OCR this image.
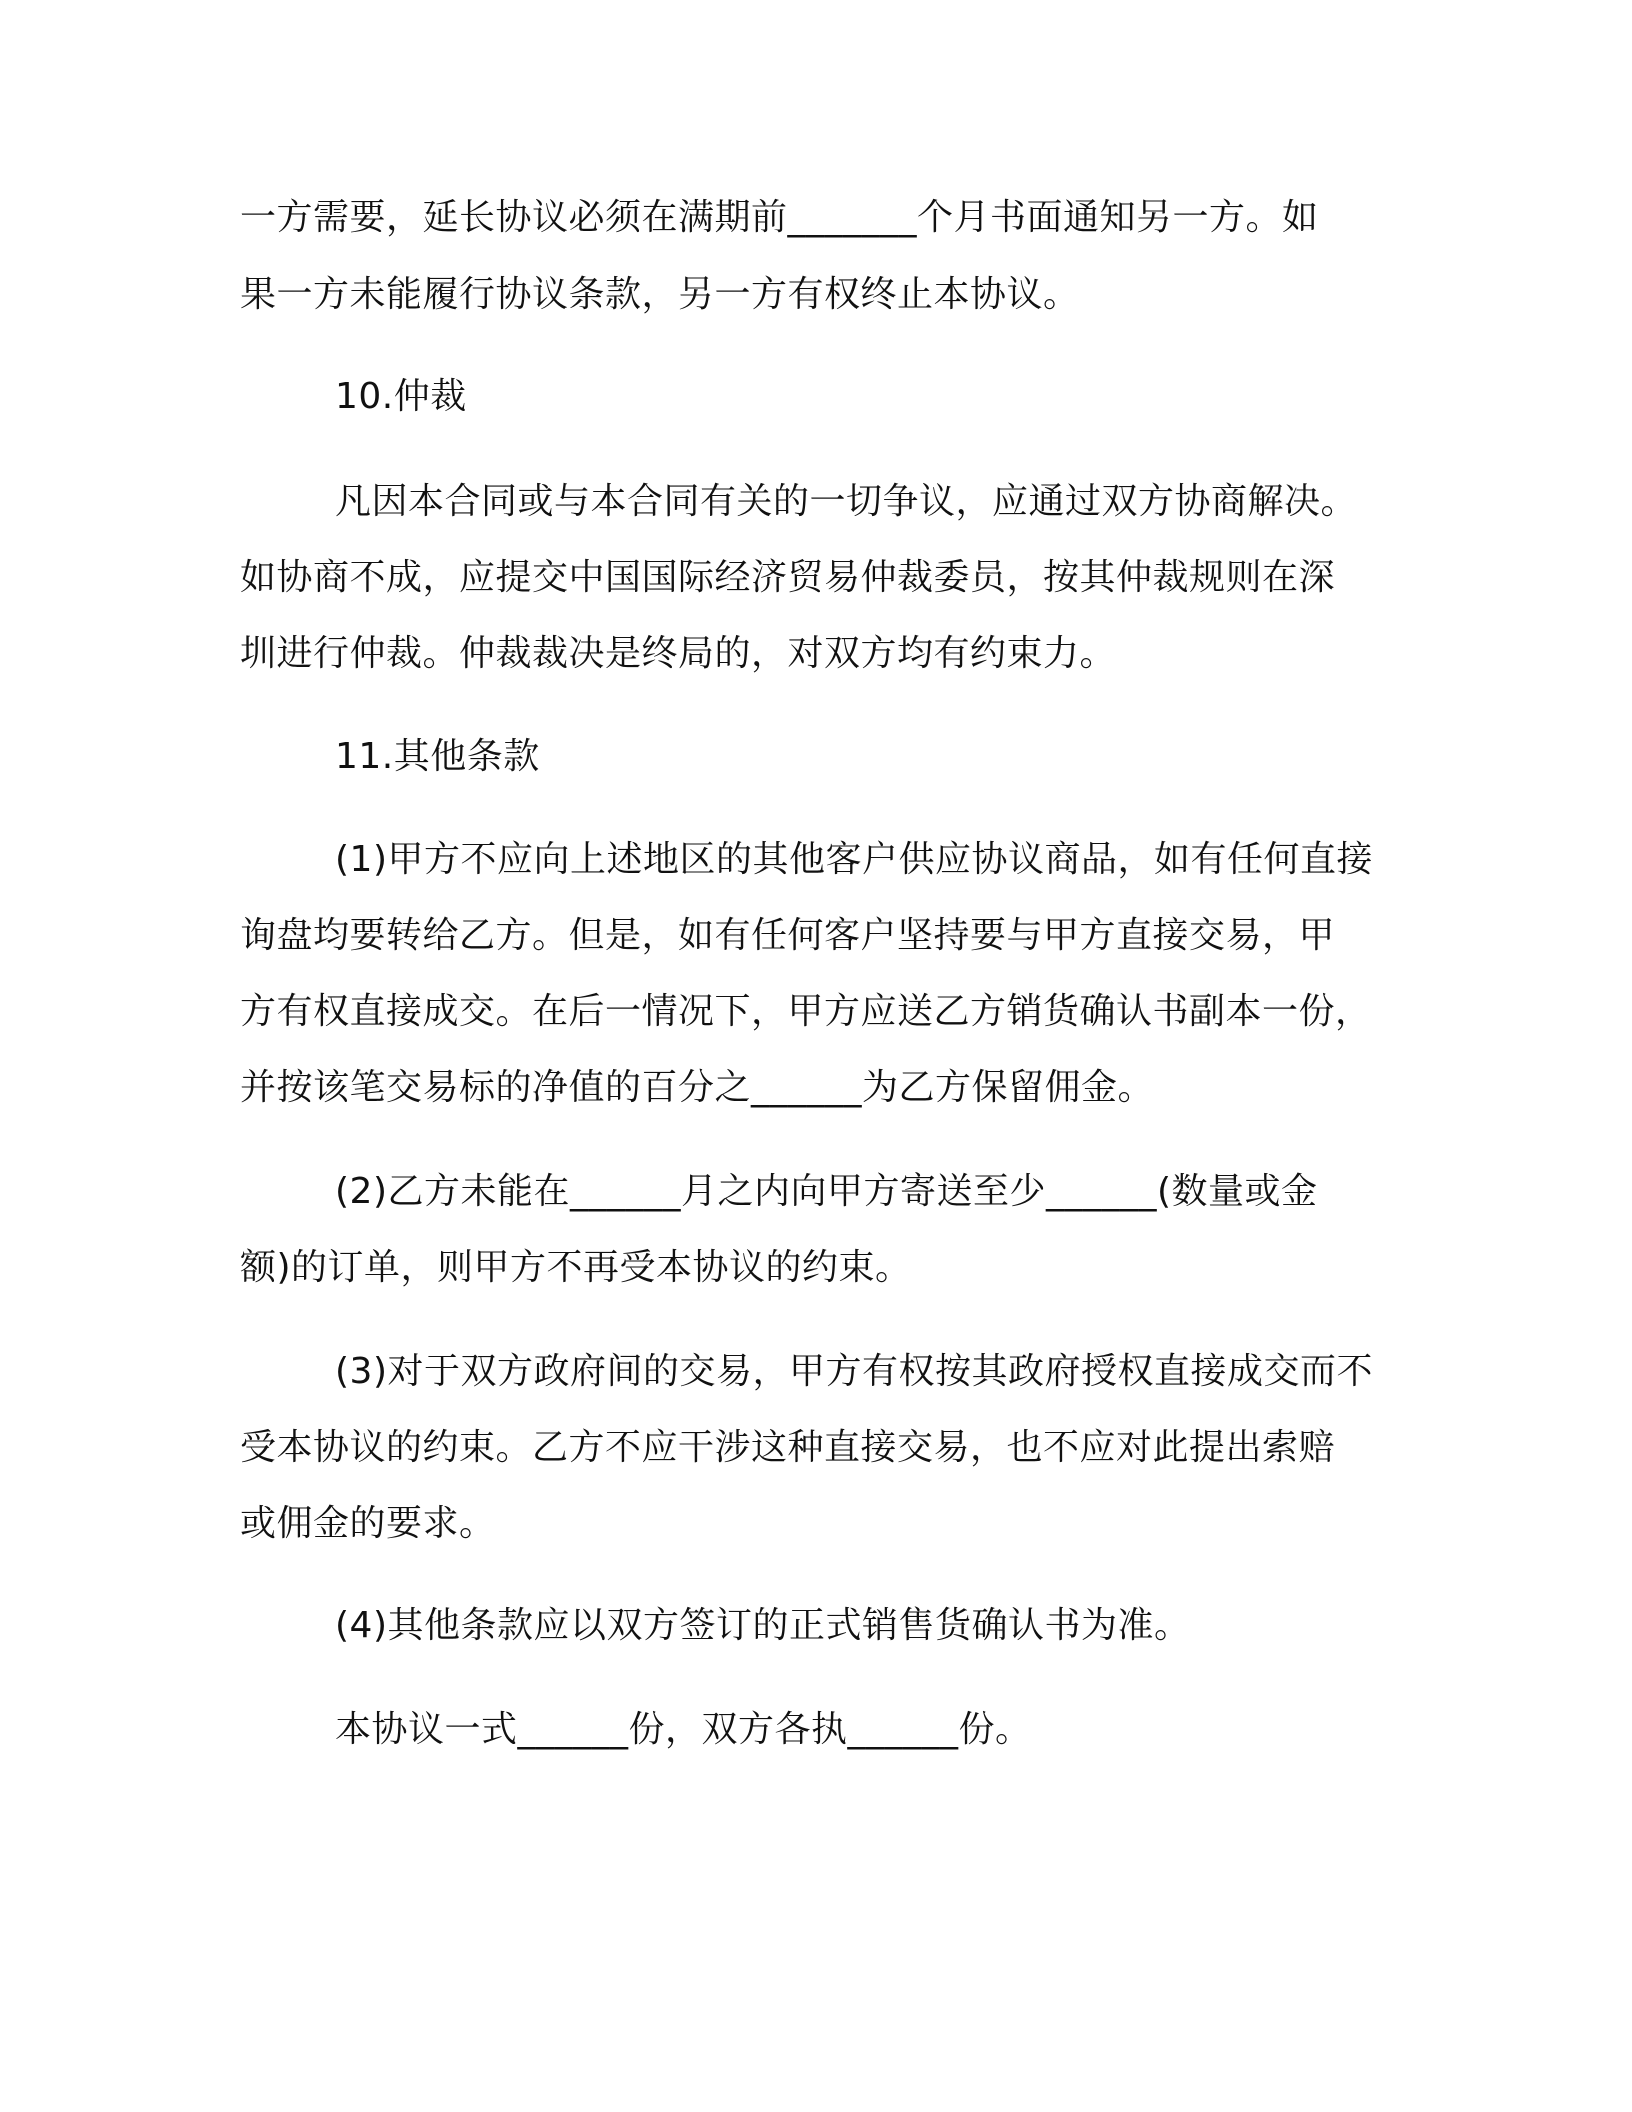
一方需要，延长协议必须在满期前_______个月书面通知另一方。如
果一方未能履行协议条款，另一方有权终止本协议。
10.仲裁
凡因本合同或与本合同有关的一切争议，应通过双方协商解决。
如协商不成，应提交中国国际经济贸易仲裁委员，按其仲裁规则在深
圳进行仲裁。仲裁裁决是终局的，对双方均有约束力。
11.其他条款
(1)甲方不应向上述地区的其他客户供应协议商品，如有任何直接
询盘均要转给乙方。但是，如有任何客户坚持要与甲方直接交易，甲
方有权直接成交。在后一情况下，甲方应送乙方销货确认书副本一份，
并按该笔交易标的净值的百分之______为乙方保留佣金。
(2)乙方未能在______月之内向甲方寄送至少______(数量或金
额)的订单，则甲方不再受本协议的约束。
(3)对于双方政府间的交易，甲方有权按其政府授权直接成交而不
受本协议的约束。乙方不应干涉这种直接交易，也不应对此提出索赔
或佣金的要求。
(4)其他条款应以双方签订的正式销售货确认书为准。
本协议一式______份，双方各执______份。
